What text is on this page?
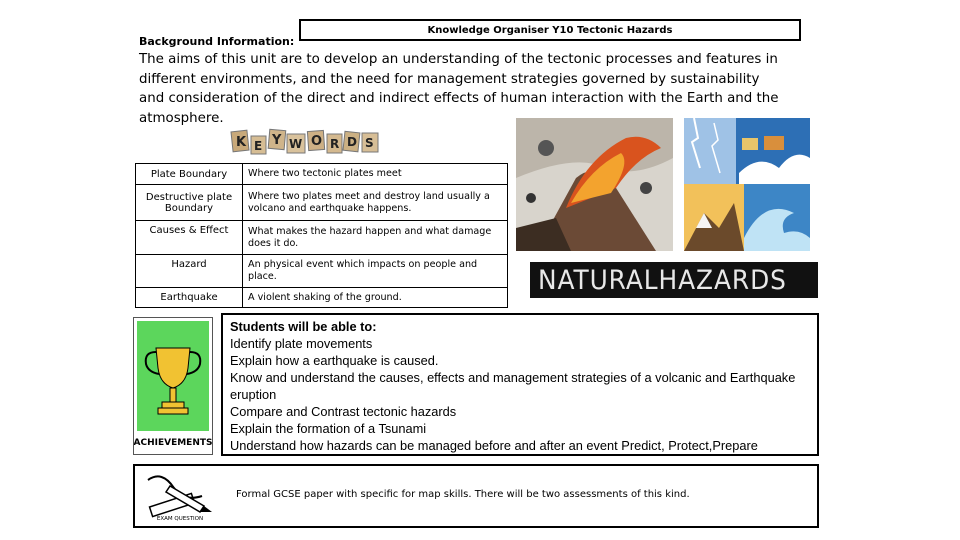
Knowledge Organiser Y10 Tectonic Hazards
Background Information:
The aims of this unit are to develop an understanding of the tectonic processes and features in different environments, and the need for management strategies governed by sustainability and consideration of the direct and indirect effects of human interaction with the Earth and the atmosphere.
K E Y W O R D S
Plate Boundary	Where two tectonic plates meet
Destructive plate Boundary	Where two plates meet and destroy land usually a volcano and earthquake happens.
Causes & Effect	What makes the hazard happen and what damage does it do.
Hazard	An physical event which impacts on people and place.
Earthquake	A violent shaking of the ground.
NATURALHAZARDS
ACHIEVEMENTS
Students will be able to:
Identify plate movements
Explain how a earthquake is caused.
Know and understand the causes, effects and management strategies of a volcanic and Earthquake eruption
Compare and Contrast tectonic hazards
Explain the formation of a Tsunami
Understand how hazards can be managed before and after an event Predict, Protect,Prepare
EXAM QUESTION
Formal GCSE paper with specific for map skills. There will be two assessments of this kind.
